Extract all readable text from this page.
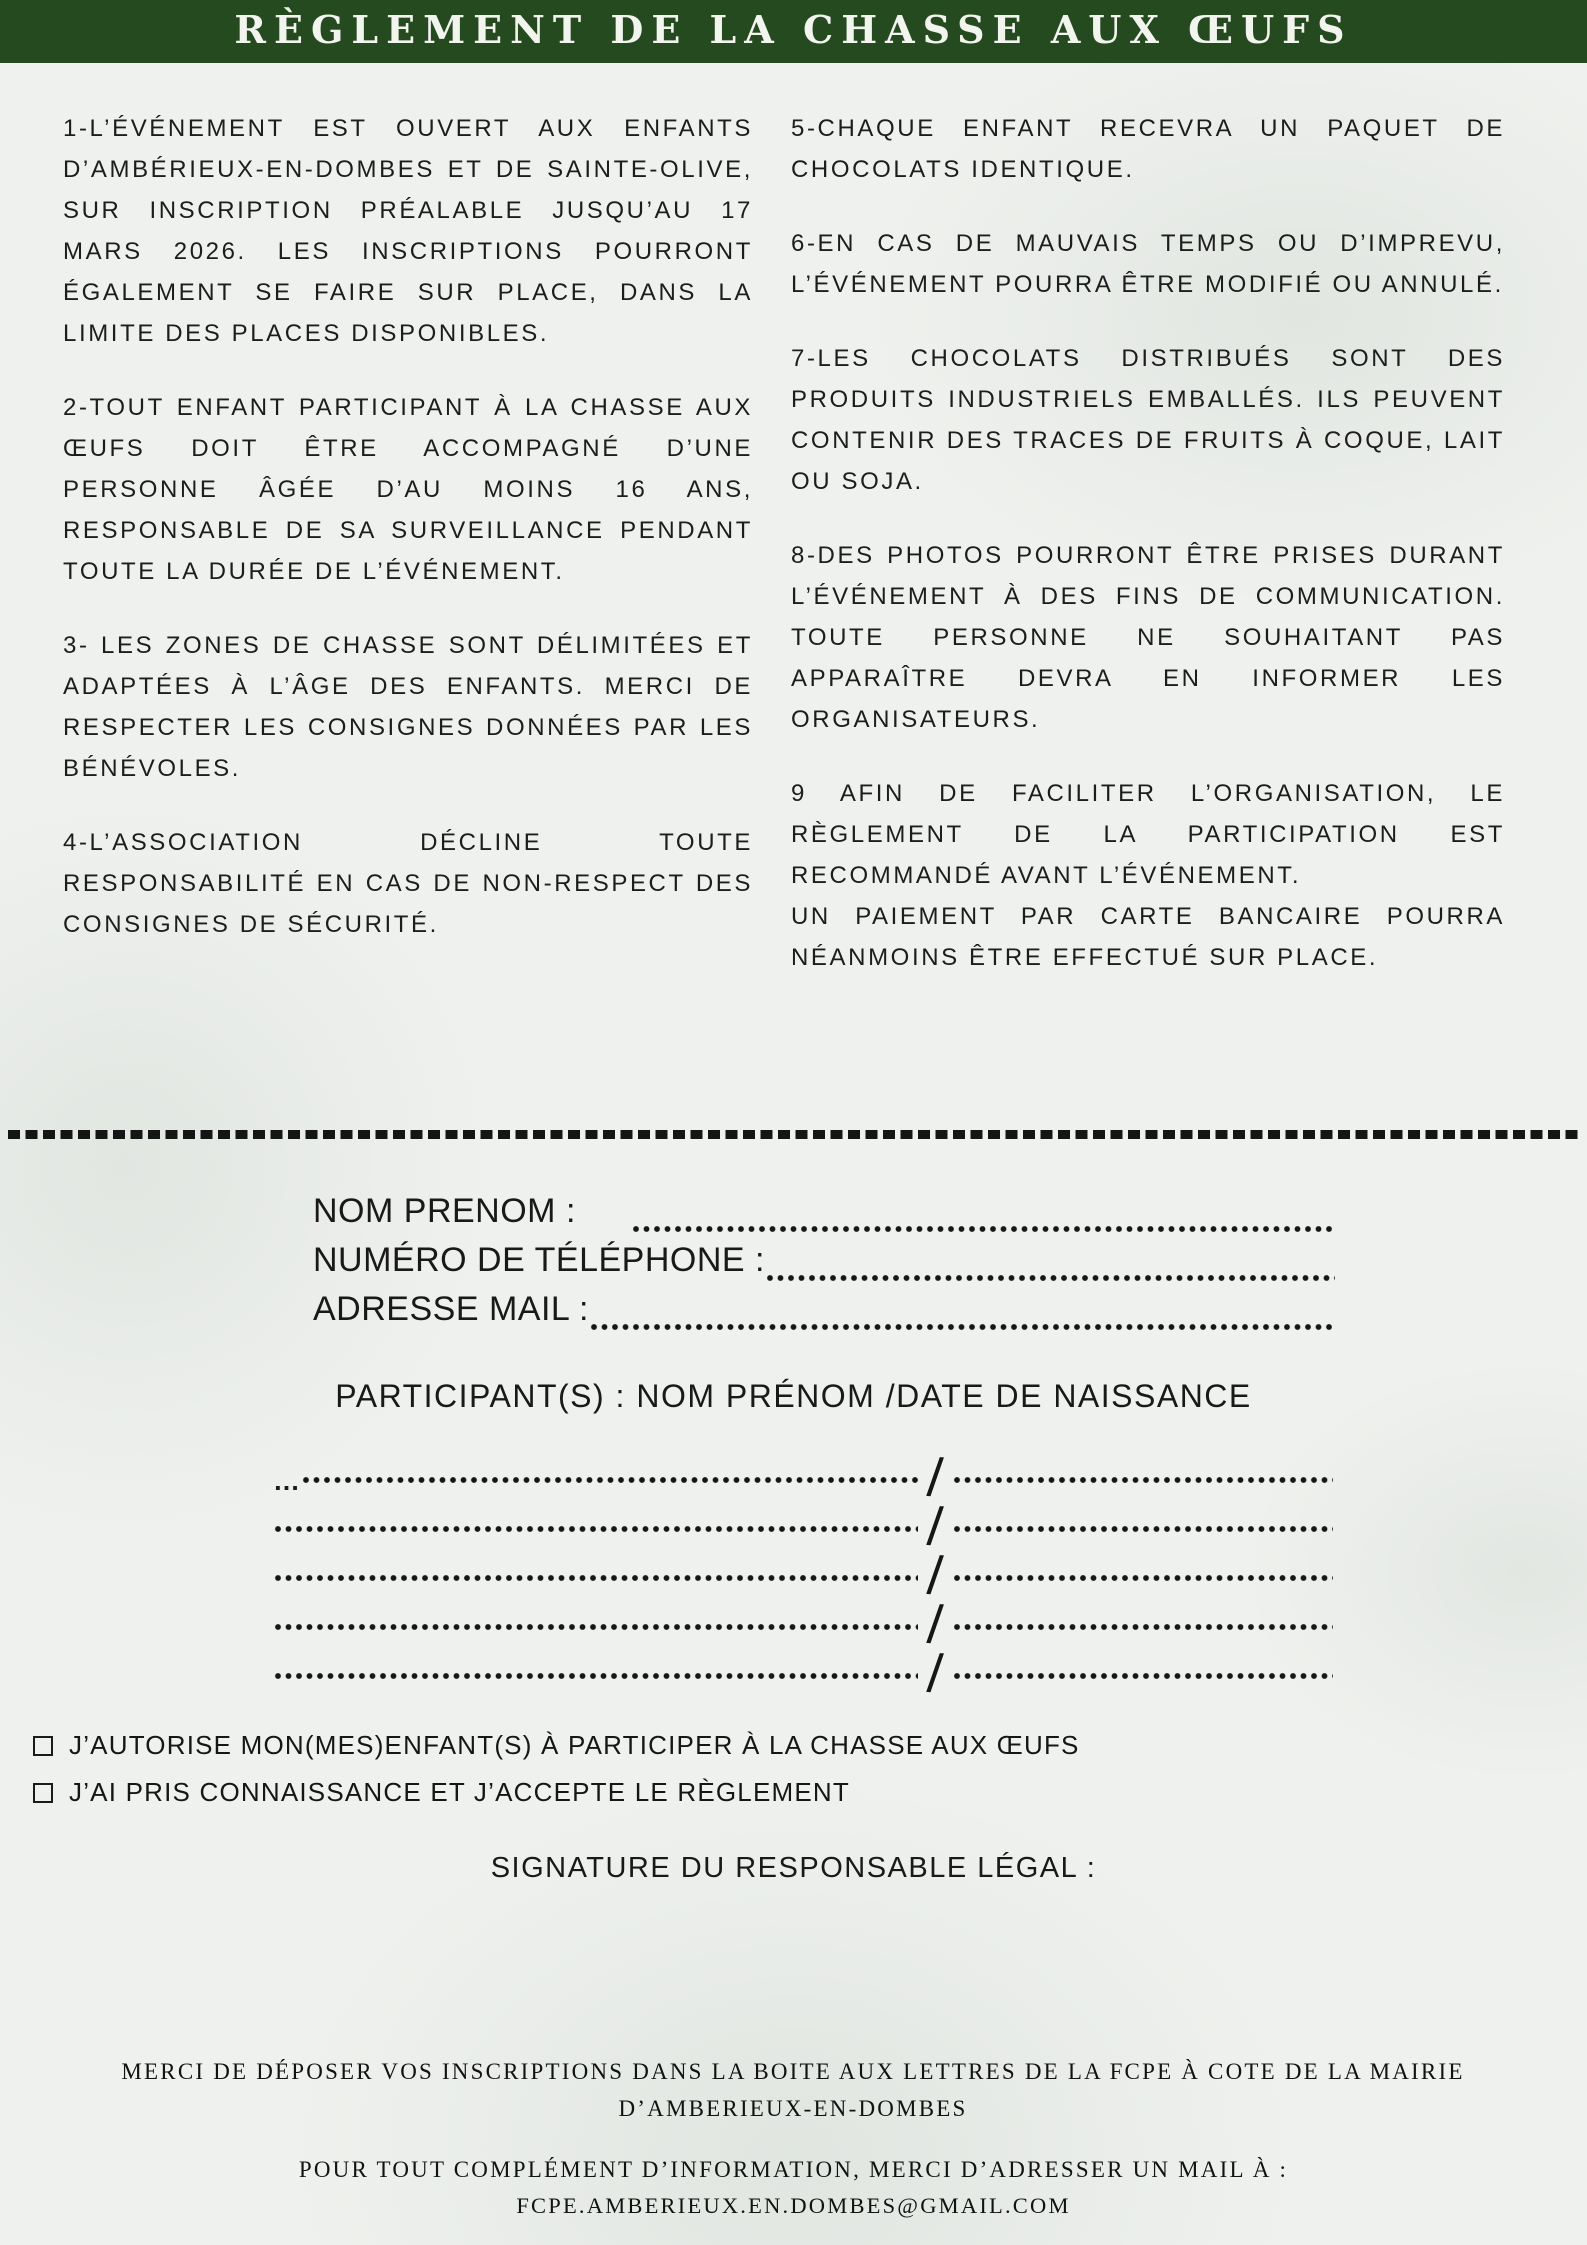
RÈGLEMENT DE LA CHASSE AUX ŒUFS

1-L’ÉVÉNEMENT EST OUVERT AUX ENFANTS D’AMBÉRIEUX-EN-DOMBES ET DE SAINTE-OLIVE, SUR INSCRIPTION PRÉALABLE JUSQU’AU 17 MARS 2026. LES INSCRIPTIONS POURRONT ÉGALEMENT SE FAIRE SUR PLACE, DANS LA LIMITE DES PLACES DISPONIBLES.

2-TOUT ENFANT PARTICIPANT À LA CHASSE AUX ŒUFS DOIT ÊTRE ACCOMPAGNÉ D’UNE PERSONNE ÂGÉE D’AU MOINS 16 ANS, RESPONSABLE DE SA SURVEILLANCE PENDANT TOUTE LA DURÉE DE L’ÉVÉNEMENT.

3- LES ZONES DE CHASSE SONT DÉLIMITÉES ET ADAPTÉES À L’ÂGE DES ENFANTS. MERCI DE RESPECTER LES CONSIGNES DONNÉES PAR LES BÉNÉVOLES.

4-L’ASSOCIATION DÉCLINE TOUTE RESPONSABILITÉ EN CAS DE NON-RESPECT DES CONSIGNES DE SÉCURITÉ.

5-CHAQUE ENFANT RECEVRA UN PAQUET DE CHOCOLATS IDENTIQUE.

6-EN CAS DE MAUVAIS TEMPS OU D’IMPREVU, L’ÉVÉNEMENT POURRA ÊTRE MODIFIÉ OU ANNULÉ.

7-LES CHOCOLATS DISTRIBUÉS SONT DES PRODUITS INDUSTRIELS EMBALLÉS. ILS PEUVENT CONTENIR DES TRACES DE FRUITS À COQUE, LAIT OU SOJA.

8-DES PHOTOS POURRONT ÊTRE PRISES DURANT L’ÉVÉNEMENT À DES FINS DE COMMUNICATION. TOUTE PERSONNE NE SOUHAITANT PAS APPARAÎTRE DEVRA EN INFORMER LES ORGANISATEURS.

9 AFIN DE FACILITER L’ORGANISATION, LE RÈGLEMENT DE LA PARTICIPATION EST RECOMMANDÉ AVANT L’ÉVÉNEMENT.

UN PAIEMENT PAR CARTE BANCAIRE POURRA NÉANMOINS ÊTRE EFFECTUÉ SUR PLACE.

NOM PRENOM :
NUMÉRO DE TÉLÉPHONE :
ADRESSE MAIL :
PARTICIPANT(S) : NOM PRÉNOM /DATE DE NAISSANCE
…	/
/
/
/
/
J’AUTORISE MON(MES)ENFANT(S) À PARTICIPER À LA CHASSE AUX ŒUFS
J’AI PRIS CONNAISSANCE ET J’ACCEPTE LE RÈGLEMENT
SIGNATURE DU RESPONSABLE LÉGAL :

MERCI DE DÉPOSER VOS INSCRIPTIONS DANS LA BOITE AUX LETTRES DE LA FCPE À COTE DE LA MAIRIE D’AMBERIEUX-EN-DOMBES

POUR TOUT COMPLÉMENT D’INFORMATION, MERCI D’ADRESSER UN MAIL À :

FCPE.AMBERIEUX.EN.DOMBES@GMAIL.COM
